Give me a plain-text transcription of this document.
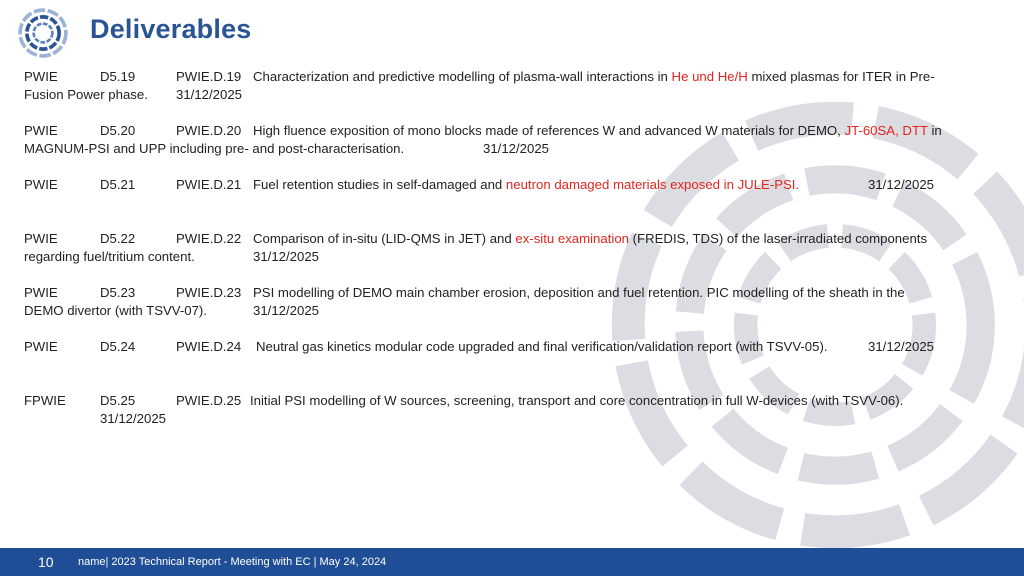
Deliverables
PWIE	D5.19	PWIE.D.19 Characterization and predictive modelling of plasma-wall interactions in He und He/H mixed plasmas for ITER in Pre-
Fusion Power phase. 31/12/2025
PWIE	D5.20	PWIE.D.20 High fluence exposition of mono blocks made of references W and advanced W materials for DEMO, JT-60SA, DTT in
MAGNUM-PSI and UPP including pre- and post-characterisation.	31/12/2025
PWIE	D5.21	PWIE.D.21 Fuel retention studies in self-damaged and neutron damaged materials exposed in JULE-PSI.	31/12/2025
PWIE	D5.22	PWIE.D.22 Comparison of in-situ (LID-QMS in JET) and ex-situ examination (FREDIS, TDS) of the laser-irradiated components
regarding fuel/tritium content.	31/12/2025
PWIE	D5.23	PWIE.D.23 PSI modelling of DEMO main chamber erosion, deposition and fuel retention. PIC modelling of the sheath in the
DEMO divertor (with TSVV-07).	31/12/2025
PWIE	D5.24	PWIE.D.24 Neutral gas kinetics modular code upgraded and final verification/validation report (with TSVV-05).	31/12/2025
FPWIE	D5.25	PWIE.D.25 Initial PSI modelling of W sources, screening, transport and core concentration in full W-devices (with TSVV-06).
31/12/2025
10 name| 2023 Technical Report - Meeting with EC | May 24, 2024
